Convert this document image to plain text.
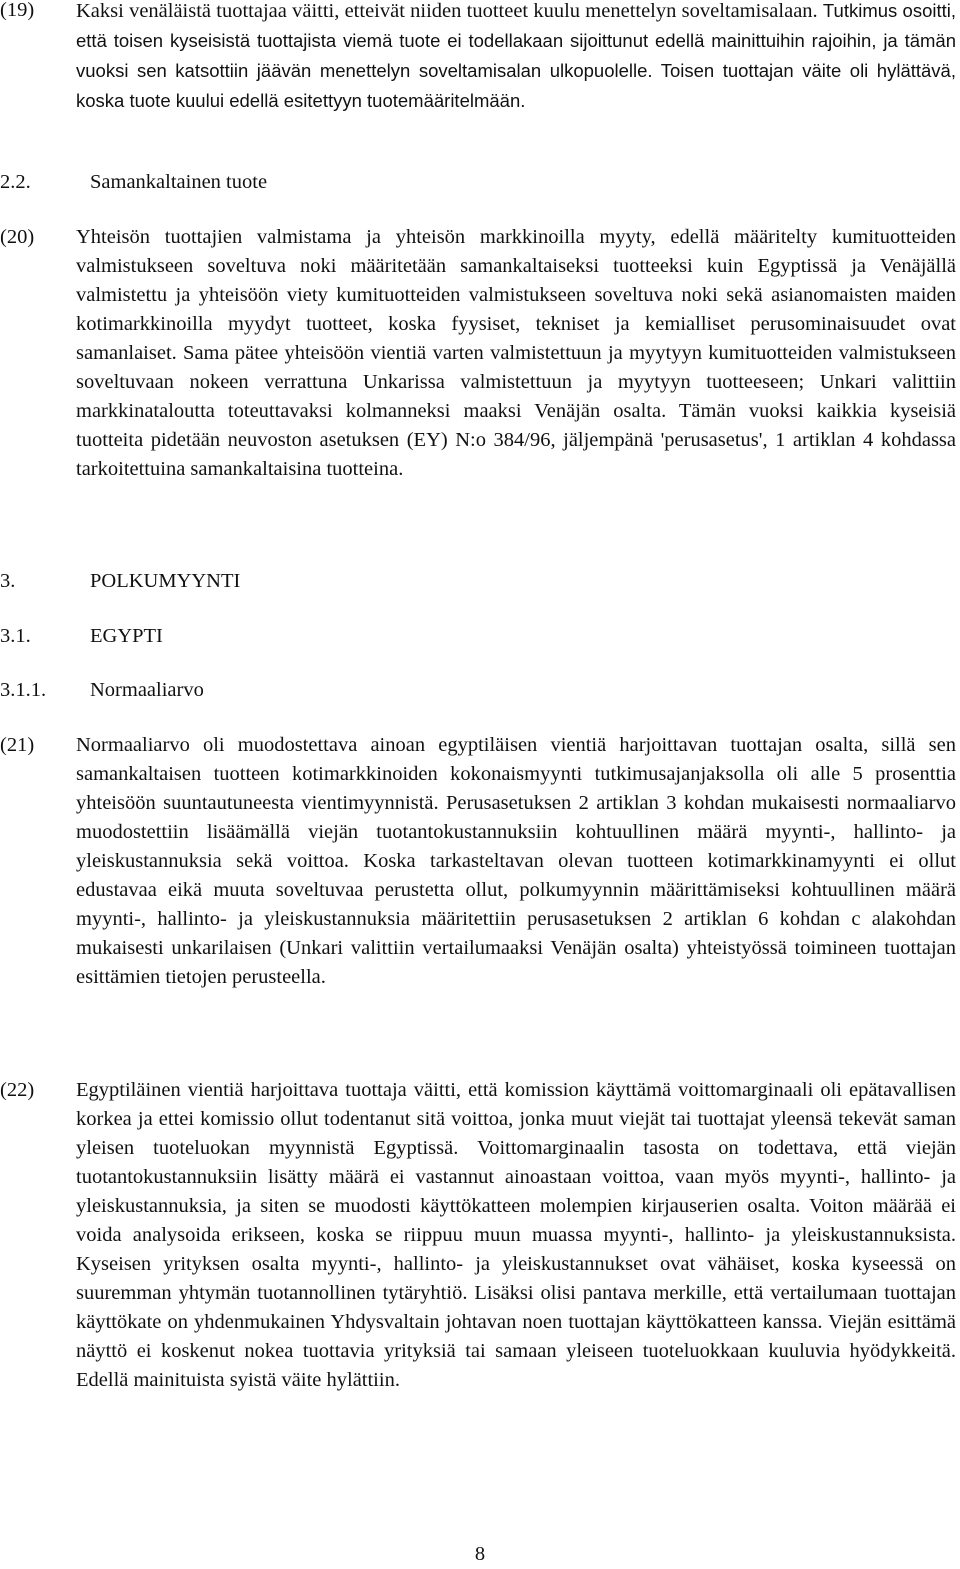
(19) Kaksi venäläistä tuottajaa väitti, etteivät niiden tuotteet kuulu menettelyn soveltamisalaan. Tutkimus osoitti, että toisen kyseisistä tuottajista viemä tuote ei todellakaan sijoittunut edellä mainittuihin rajoihin, ja tämän vuoksi sen katsottiin jäävän menettelyn soveltamisalan ulkopuolelle. Toisen tuottajan väite oli hylättävä, koska tuote kuului edellä esitettyyn tuotemääritelmään.
2.2.	Samankaltainen tuote
(20) Yhteisön tuottajien valmistama ja yhteisön markkinoilla myyty, edellä määritelty kumituotteiden valmistukseen soveltuva noki määritetään samankaltaiseksi tuotteeksi kuin Egyptissä ja Venäjällä valmistettu ja yhteisöön viety kumituotteiden valmistukseen soveltuva noki sekä asianomaisten maiden kotimarkkinoilla myydyt tuotteet, koska fyysiset, tekniset ja kemialliset perusominaisuudet ovat samanlaiset. Sama pätee yhteisöön vientiä varten valmistettuun ja myytyyn kumituotteiden valmistukseen soveltuvaan nokeen verrattuna Unkarissa valmistettuun ja myytyyn tuotteeseen; Unkari valittiin markkinataloutta toteuttavaksi kolmanneksi maaksi Venäjän osalta. Tämän vuoksi kaikkia kyseisiä tuotteita pidetään neuvoston asetuksen (EY) N:o 384/96, jäljempänä 'perusasetus', 1 artiklan 4 kohdassa tarkoitettuina samankaltaisina tuotteina.
3.	POLKUMYYNTI
3.1.	EGYPTI
3.1.1. Normaaliarvo
(21) Normaaliarvo oli muodostettava ainoan egyptiläisen vientiä harjoittavan tuottajan osalta, sillä sen samankaltaisen tuotteen kotimarkkinoiden kokonaismyynti tutkimusajanjaksolla oli alle 5 prosenttia yhteisöön suuntautuneesta vientimyynnistä. Perusasetuksen 2 artiklan 3 kohdan mukaisesti normaaliarvo muodostettiin lisäämällä viejän tuotantokustannuksiin kohtuullinen määrä myynti-, hallinto- ja yleiskustannuksia sekä voittoa. Koska tarkasteltavan olevan tuotteen kotimarkkinamyynti ei ollut edustavaa eikä muuta soveltuvaa perustetta ollut, polkumyynnin määrittämiseksi kohtuullinen määrä myynti-, hallinto- ja yleiskustannuksia määritettiin perusasetuksen 2 artiklan 6 kohdan c alakohdan mukaisesti unkarilaisen (Unkari valittiin vertailumaaksi Venäjän osalta) yhteistyössä toimineen tuottajan esittämien tietojen perusteella.
(22) Egyptiläinen vientiä harjoittava tuottaja väitti, että komission käyttämä voittomarginaali oli epätavallisen korkea ja ettei komissio ollut todentanut sitä voittoa, jonka muut viejät tai tuottajat yleensä tekevät saman yleisen tuoteluokan myynnistä Egyptissä. Voittomarginaalin tasosta on todettava, että viejän tuotantokustannuksiin lisätty määrä ei vastannut ainoastaan voittoa, vaan myös myynti-, hallinto- ja yleiskustannuksia, ja siten se muodosti käyttökatteen molempien kirjauserien osalta. Voiton määrää ei voida analysoida erikseen, koska se riippuu muun muassa myynti-, hallinto- ja yleiskustannuksista. Kyseisen yrityksen osalta myynti-, hallinto- ja yleiskustannukset ovat vähäiset, koska kyseessä on suuremman yhtymän tuotannollinen tytäryhtiö. Lisäksi olisi pantava merkille, että vertailumaan tuottajan käyttökate on yhdenmukainen Yhdysvaltain johtavan noen tuottajan käyttökatteen kanssa. Viejän esittämä näyttö ei koskenut nokea tuottavia yrityksiä tai samaan yleiseen tuoteluokkaan kuuluvia hyödykkeitä. Edellä mainituista syistä väite hylättiin.
8
